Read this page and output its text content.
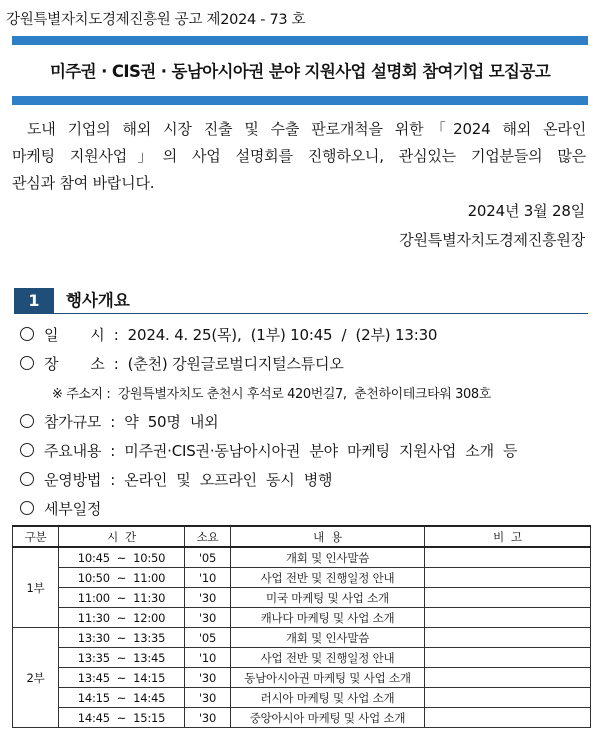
강원특별자치도경제진흥원 공고 제2024 - 73 호
미주권 · CIS권 · 동남아시아권 분야 지원사업 설명회 참여기업 모집공고
도내 기업의 해외 시장 진출 및 수출 판로개척을 위한「2024 해외 온라인
마케팅 지원사업」의 사업 설명회를 진행하오니, 관심있는 기업분들의 많은
관심과 참여 바랍니다.
2024년 3월 28일
강원특별자치도경제진흥원장
1	행사개요
일       시  :  2024. 4. 25(목),  (1부) 10:45  /  (2부) 13:30
장       소  :  (춘천) 강원글로벌디지털스튜디오
※ 주소지 :  강원특별자치도 춘천시 후석로 420번길7,  춘천하이테크타워 308호
참가규모  :  약  50명  내외
주요내용  :  미주권·CIS권·동남아시아권  분야  마케팅  지원사업  소개  등
운영방법  :  온라인  및  오프라인  동시  병행
세부일정
구분	시  간	소요	내  용	비  고
1부	10:45  ~  10:50	'05	개회 및 인사말씀	
	10:50  ~  11:00	'10	사업 전반 및 진행일정 안내	
	11:00  ~  11:30	'30	미국 마케팅 및 사업 소개	
	11:30  ~  12:00	'30	캐나다 마케팅 및 사업 소개	
2부	13:30  ~  13:35	'05	개회 및 인사말씀	
	13:35  ~  13:45	'10	사업 전반 및 진행일정 안내	
	13:45  ~  14:15	'30	동남아시아권 마케팅 및 사업 소개	
	14:15  ~  14:45	'30	러시아 마케팅 및 사업 소개	
	14:45  ~  15:15	'30	중앙아시아 마케팅 및 사업 소개	
